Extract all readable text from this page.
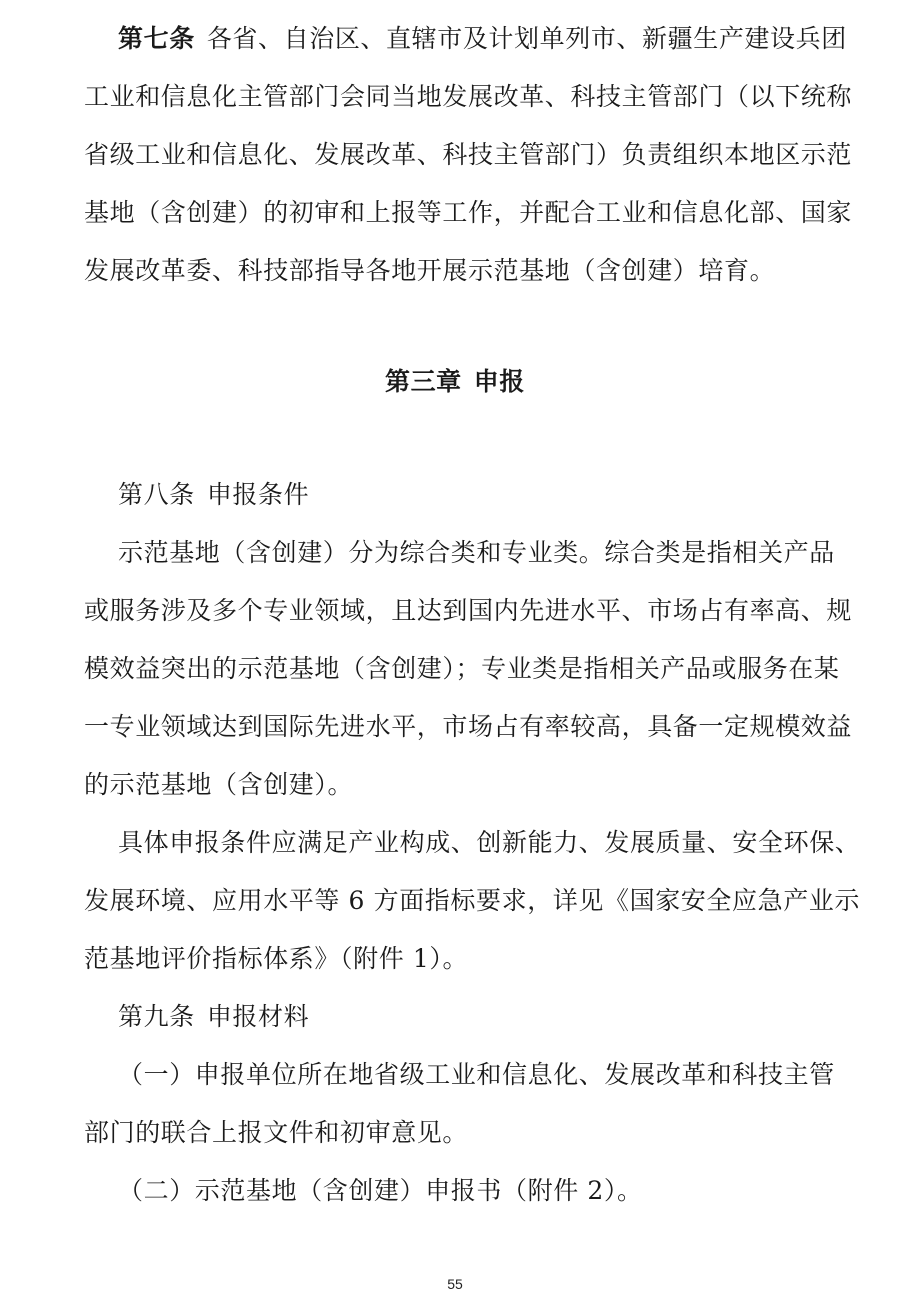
第七条 各省、自治区、直辖市及计划单列市、新疆生产建设兵团
工业和信息化主管部门会同当地发展改革、科技主管部门（以下统称
省级工业和信息化、发展改革、科技主管部门）负责组织本地区示范
基地（含创建）的初审和上报等工作，并配合工业和信息化部、国家
发展改革委、科技部指导各地开展示范基地（含创建）培育。
第三章 申报
第八条 申报条件
示范基地（含创建）分为综合类和专业类。综合类是指相关产品
或服务涉及多个专业领域，且达到国内先进水平、市场占有率高、规
模效益突出的示范基地（含创建）；专业类是指相关产品或服务在某
一专业领域达到国际先进水平，市场占有率较高，具备一定规模效益
的示范基地（含创建）。
具体申报条件应满足产业构成、创新能力、发展质量、安全环保、
发展环境、应用水平等 6 方面指标要求，详见《国家安全应急产业示
范基地评价指标体系》（附件 1）。
第九条 申报材料
（一）申报单位所在地省级工业和信息化、发展改革和科技主管
部门的联合上报文件和初审意见。
（二）示范基地（含创建）申报书（附件 2）。
55
